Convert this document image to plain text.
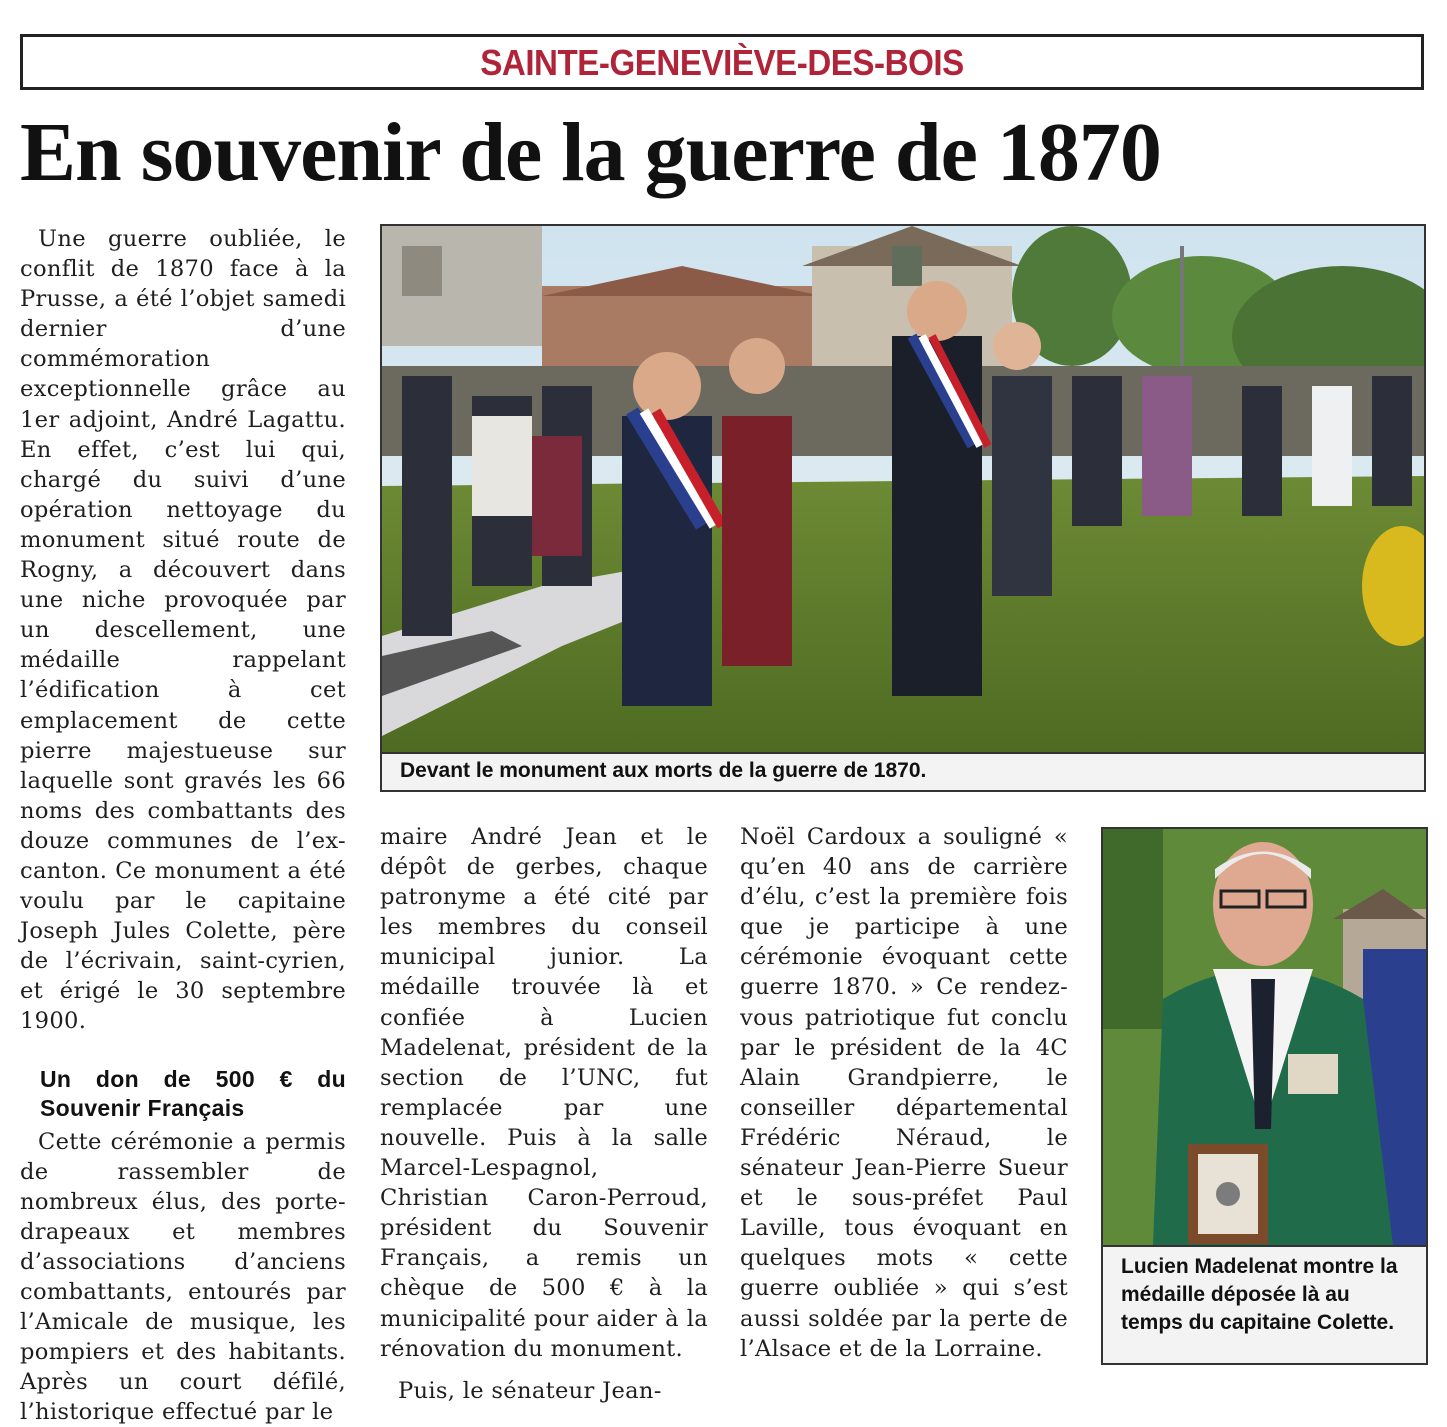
SAINTE-GENEVIÈVE-DES-BOIS
En souvenir de la guerre de 1870

Une guerre oubliée, le conflit de 1870 face à la Prusse, a été l’objet samedi dernier d’une commémoration exceptionnelle grâce au 1er adjoint, André Lagattu. En effet, c’est lui qui, chargé du suivi d’une opération nettoyage du monument situé route de Rogny, a découvert dans une niche provoquée par un descellement, une médaille rappelant l’édification à cet emplacement de cette pierre majestueuse sur laquelle sont gravés les 66 noms des combattants des douze communes de l’ex-canton. Ce monument a été voulu par le capitaine Joseph Jules Colette, père de l’écrivain, saint-cyrien, et érigé le 30 septembre 1900.

Un don de 500 € du Souvenir Français

Cette cérémonie a permis de rassembler de nombreux élus, des porte-drapeaux et membres d’associations d’anciens combattants, entourés par l’Amicale de musique, les pompiers et des habitants. Après un court défilé, l’historique effectué par le

Devant le monument aux morts de la guerre de 1870.

maire André Jean et le dépôt de gerbes, chaque patronyme a été cité par les membres du conseil municipal junior. La médaille trouvée là et confiée à Lucien Madelenat, président de la section de l’UNC, fut remplacée par une nouvelle. Puis à la salle Marcel-Lespagnol, Christian Caron-Perroud, président du Souvenir Français, a remis un chèque de 500 € à la municipalité pour aider à la rénovation du monument.

Puis, le sénateur Jean-

Noël Cardoux a souligné « qu’en 40 ans de carrière d’élu, c’est la première fois que je participe à une cérémonie évoquant cette guerre 1870. » Ce rendez-vous patriotique fut conclu par le président de la 4C Alain Grandpierre, le conseiller départemental Frédéric Néraud, le sénateur Jean-Pierre Sueur et le sous-préfet Paul Laville, tous évoquant en quelques mots « cette guerre oubliée » qui s’est aussi soldée par la perte de l’Alsace et de la Lorraine.

Lucien Madelenat montre la médaille déposée là au temps du capitaine Colette.
